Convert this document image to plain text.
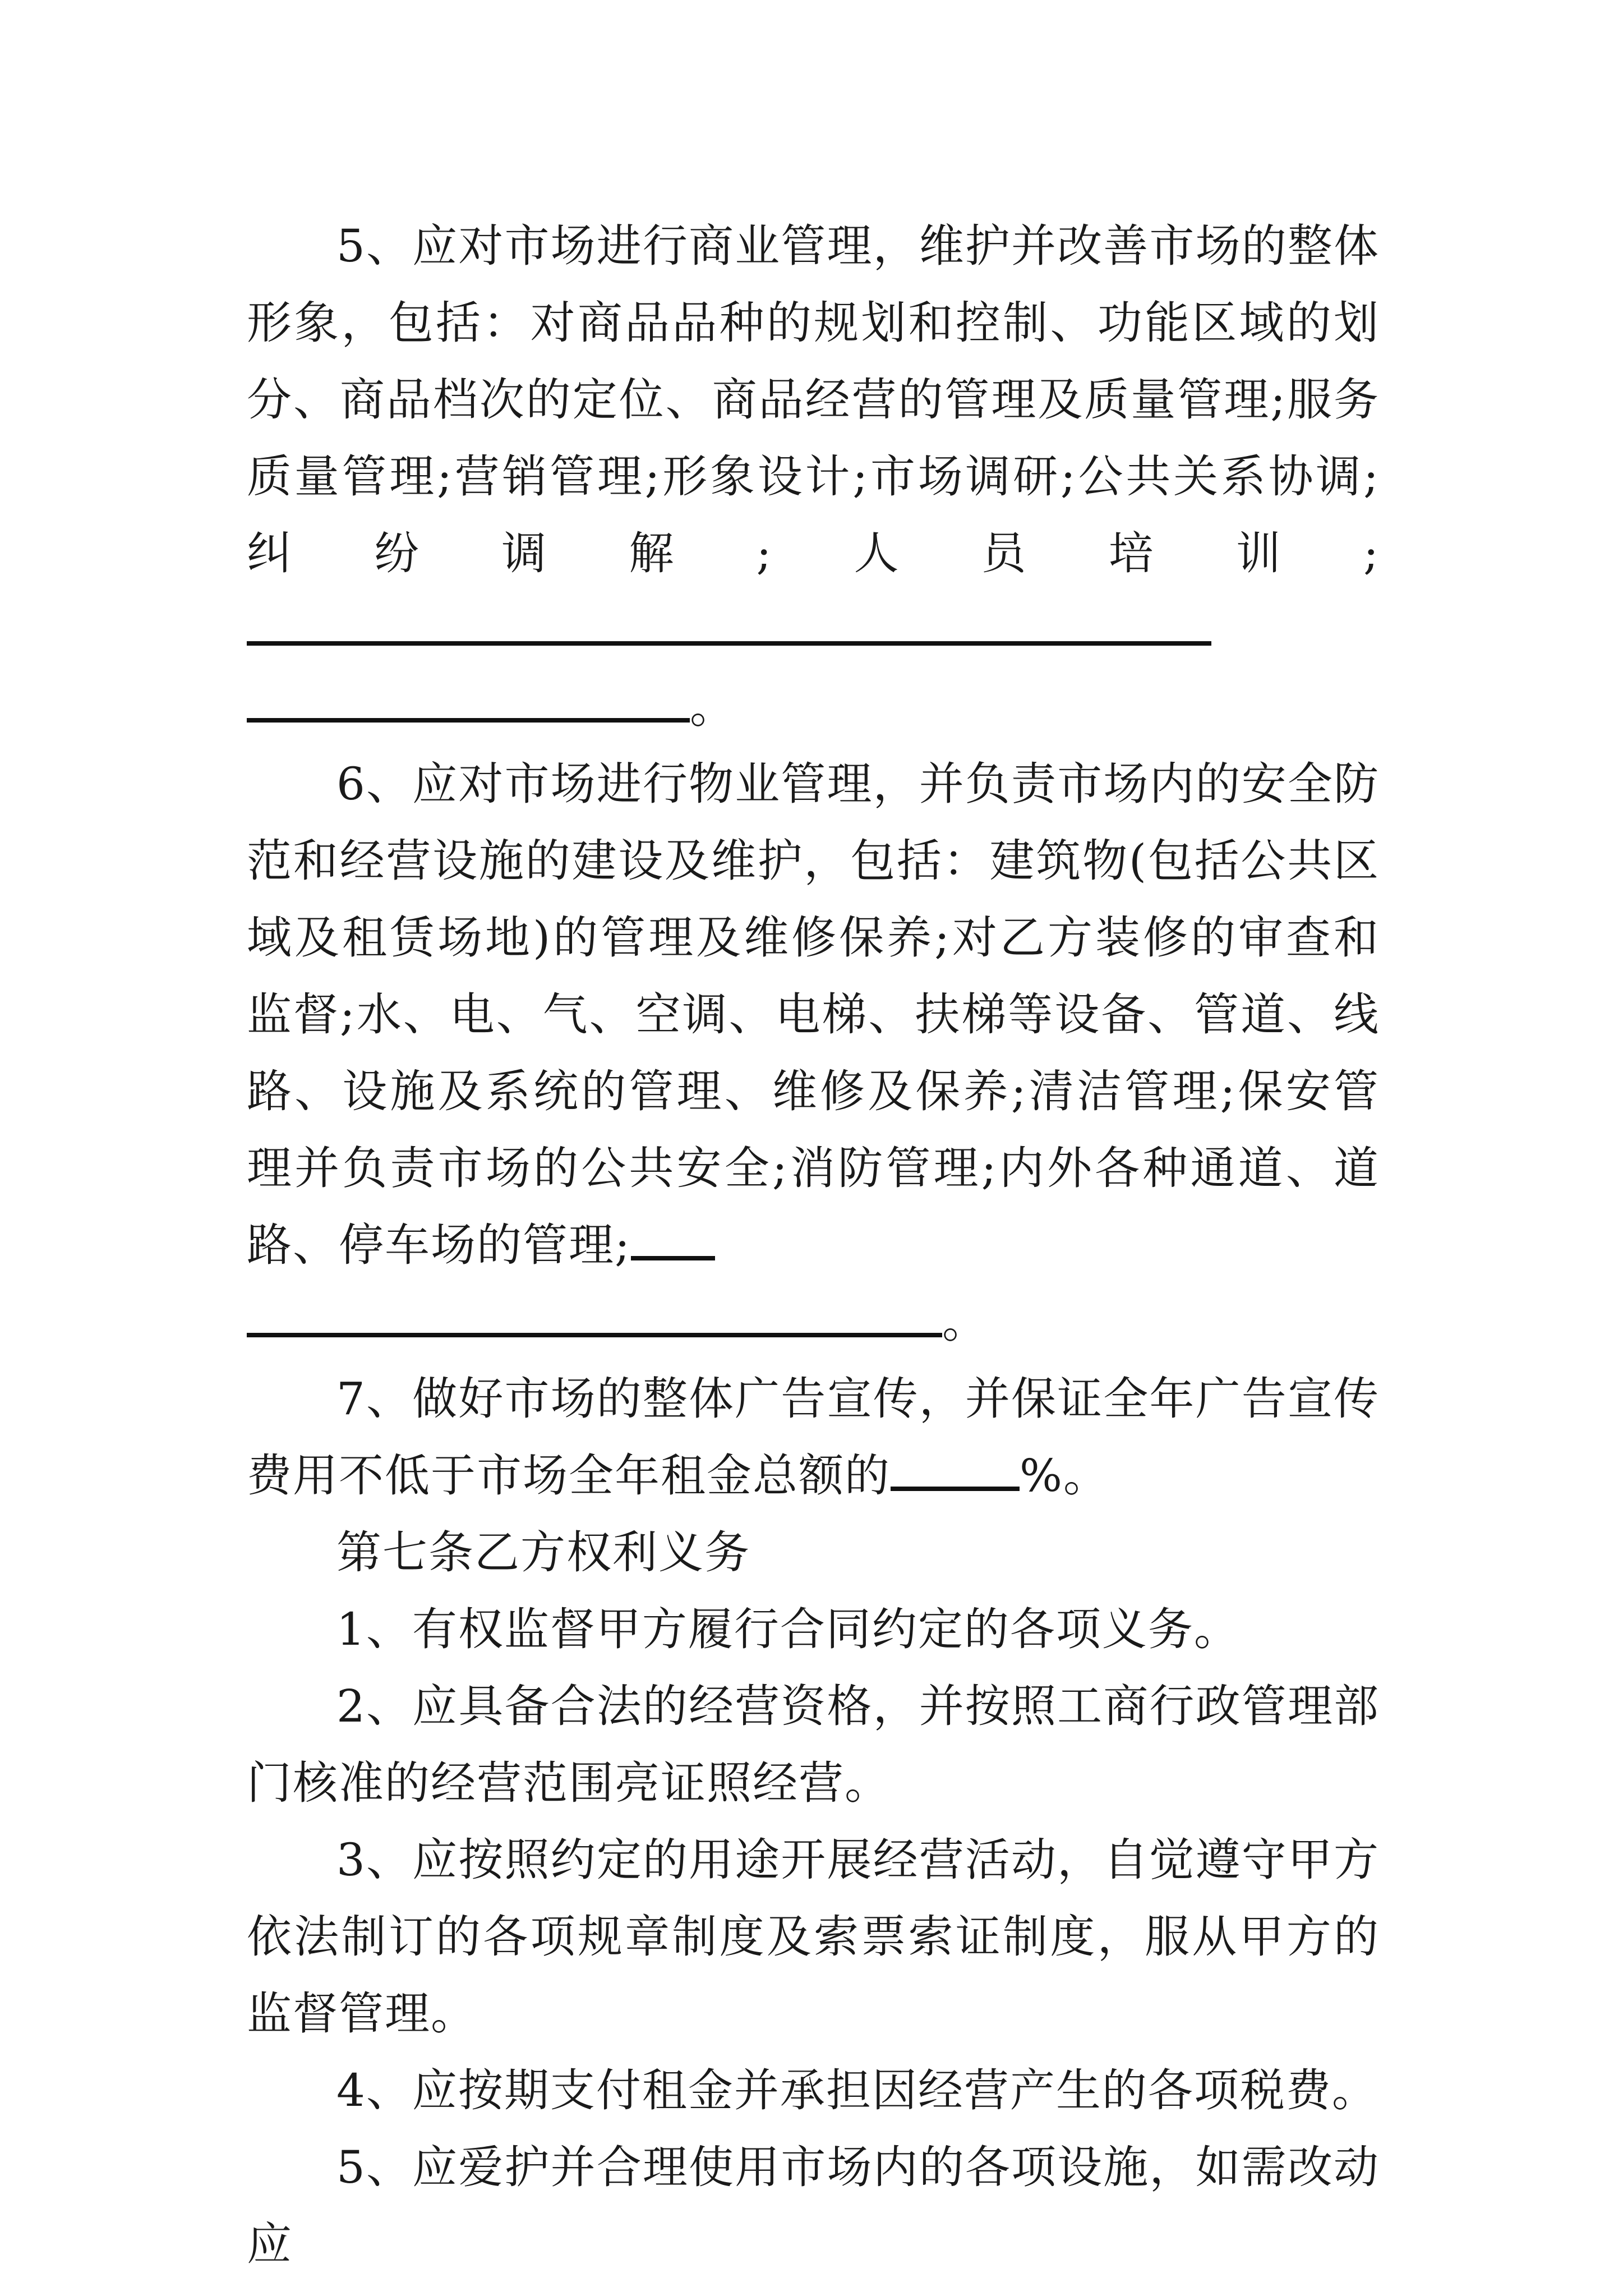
5、应对市场进行商业管理，维护并改善市场的整体形象，包括：对商品品种的规划和控制、功能区域的划分、商品档次的定位、商品经营的管理及质量管理;服务质量管理;营销管理;形象设计;市场调研;公共关系协调;纠纷调解;人员培训;
。

6、应对市场进行物业管理，并负责市场内的安全防范和经营设施的建设及维护，包括：建筑物(包括公共区域及租赁场地)的管理及维修保养;对乙方装修的审查和监督;水、电、气、空调、电梯、扶梯等设备、管道、线路、设施及系统的管理、维修及保养;清洁管理;保安管理并负责市场的公共安全;消防管理;内外各种通道、道路、停车场的管理;
。

7、做好市场的整体广告宣传，并保证全年广告宣传费用不低于市场全年租金总额的	%。

第七条乙方权利义务

1、有权监督甲方履行合同约定的各项义务。

2、应具备合法的经营资格，并按照工商行政管理部门核准的经营范围亮证照经营。

3、应按照约定的用途开展经营活动，自觉遵守甲方依法制订的各项规章制度及索票索证制度，服从甲方的监督管理。

4、应按期支付租金并承担因经营产生的各项税费。

5、应爱护并合理使用市场内的各项设施，如需改动应
